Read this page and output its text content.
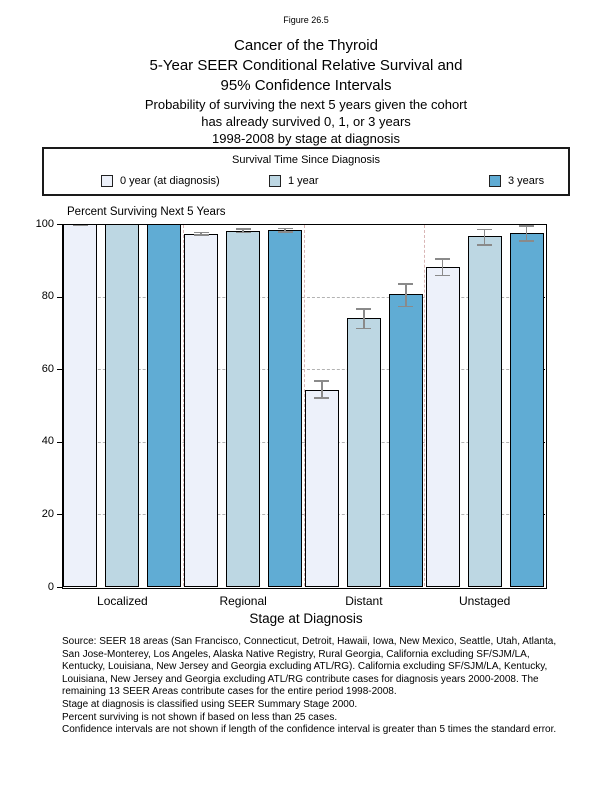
Figure 26.5
Cancer of the Thyroid
5-Year SEER Conditional Relative Survival and
95% Confidence Intervals
Probability of surviving the next 5 years given the cohort
has already survived 0, 1, or 3 years
1998-2008 by stage at diagnosis
Survival Time Since Diagnosis
0 year (at diagnosis)	1 year	3 years
Percent Surviving Next 5 Years
Stage at Diagnosis
Source: SEER 18 areas (San Francisco, Connecticut, Detroit, Hawaii, Iowa, New Mexico, Seattle, Utah, Atlanta, San Jose-Monterey, Los Angeles, Alaska Native Registry, Rural Georgia, California excluding SF/SJM/LA, Kentucky, Louisiana, New Jersey and Georgia excluding ATL/RG). California excluding SF/SJM/LA, Kentucky, Louisiana, New Jersey and Georgia excluding ATL/RG contribute cases for diagnosis years 2000-2008. The remaining 13 SEER Areas contribute cases for the entire period 1998-2008.
Stage at diagnosis is classified using SEER Summary Stage 2000.
Percent surviving is not shown if based on less than 25 cases.
Confidence intervals are not shown if length of the confidence interval is greater than 5 times the standard error.
0
20
40
60
80
100
Localized	Regional	Distant	Unstaged
